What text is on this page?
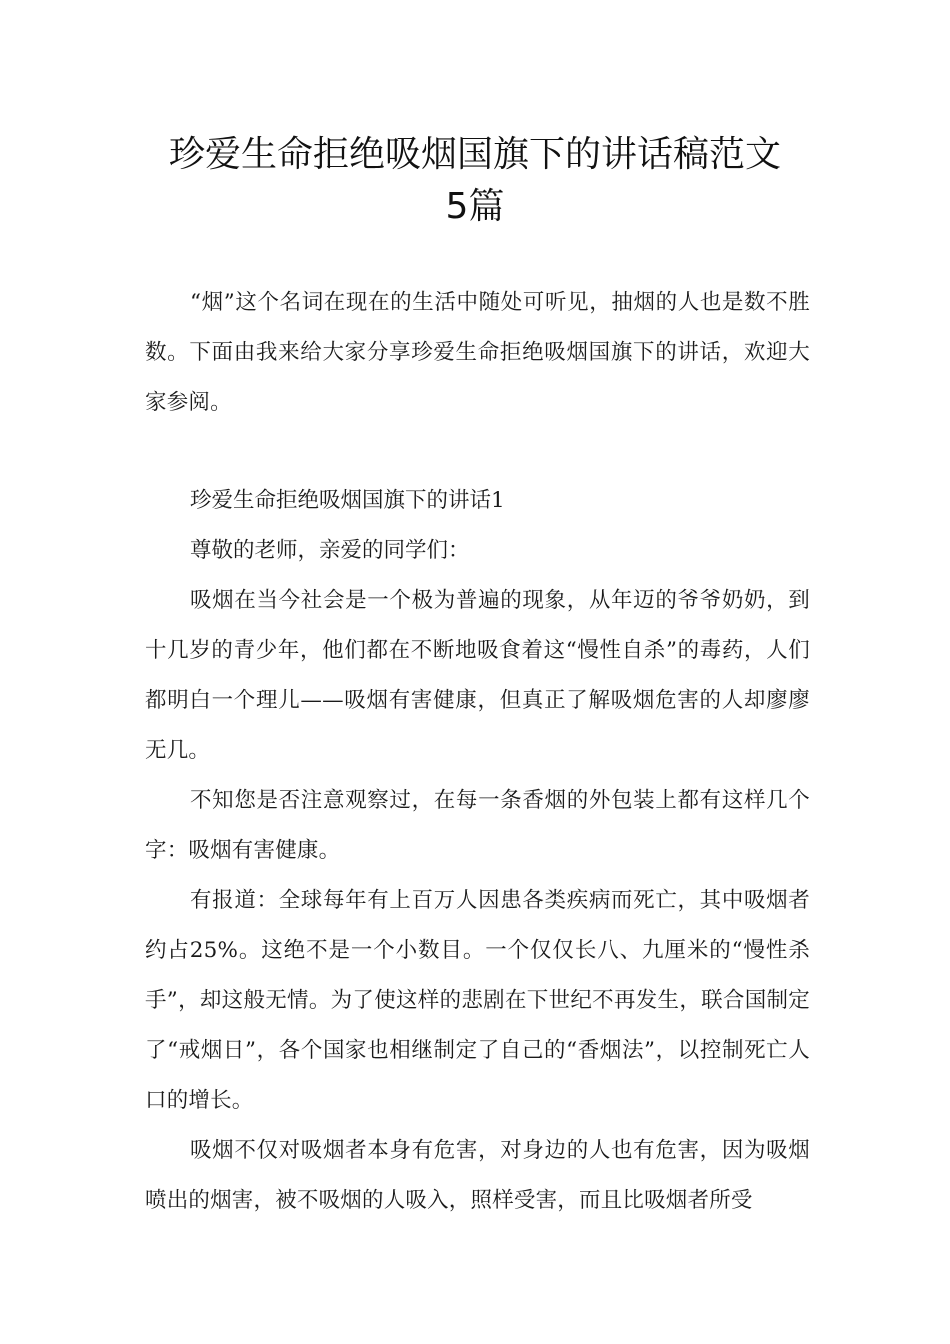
珍爱生命拒绝吸烟国旗下的讲话稿范文
5篇

“烟”这个名词在现在的生活中随处可听见，抽烟的人也是数不胜数。下面由我来给大家分享珍爱生命拒绝吸烟国旗下的讲话，欢迎大家参阅。

珍爱生命拒绝吸烟国旗下的讲话1

尊敬的老师，亲爱的同学们：

吸烟在当今社会是一个极为普遍的现象，从年迈的爷爷奶奶，到十几岁的青少年，他们都在不断地吸食着这“慢性自杀”的毒药，人们都明白一个理儿——吸烟有害健康，但真正了解吸烟危害的人却廖廖无几。

不知您是否注意观察过，在每一条香烟的外包装上都有这样几个字：吸烟有害健康。

有报道：全球每年有上百万人因患各类疾病而死亡，其中吸烟者约占25%。这绝不是一个小数目。一个仅仅长八、九厘米的“慢性杀手”，却这般无情。为了使这样的悲剧在下世纪不再发生，联合国制定了“戒烟日”，各个国家也相继制定了自己的“香烟法”，以控制死亡人口的增长。

吸烟不仅对吸烟者本身有危害，对身边的人也有危害，因为吸烟喷出的烟害，被不吸烟的人吸入，照样受害，而且比吸烟者所受
